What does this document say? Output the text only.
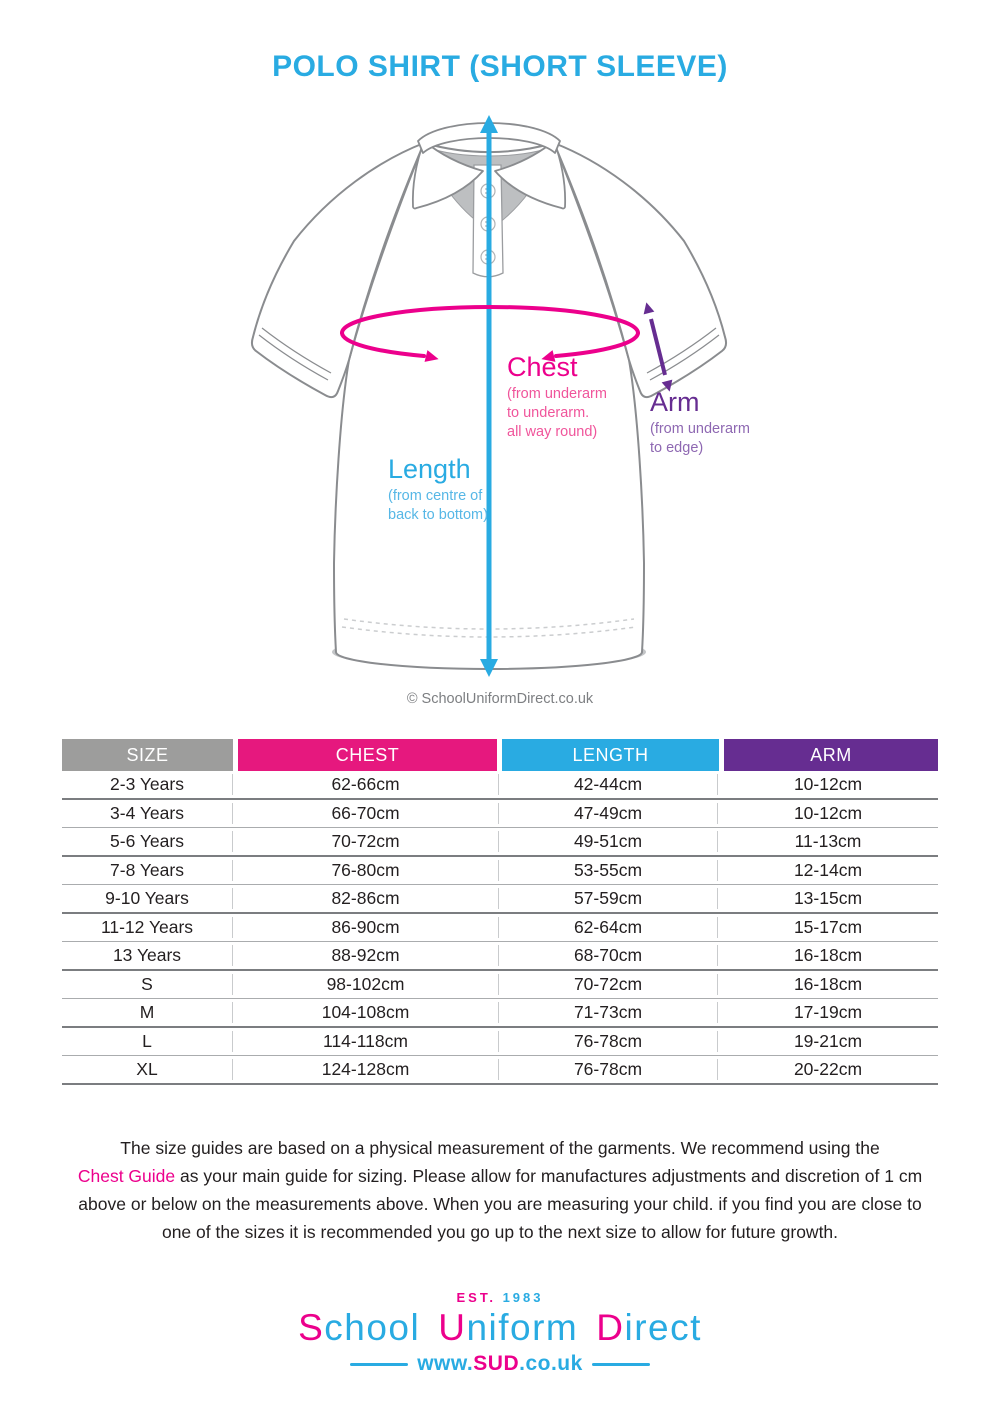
POLO SHIRT (SHORT SLEEVE)
Chest
(from underarm
to underarm.
all way round)
Arm
(from underarm
to edge)
Length
(from centre of
back to bottom)
© SchoolUniformDirect.co.uk
SIZE	CHEST	LENGTH	ARM
2-3 Years	62-66cm	42-44cm	10-12cm
3-4 Years	66-70cm	47-49cm	10-12cm
5-6 Years	70-72cm	49-51cm	11-13cm
7-8 Years	76-80cm	53-55cm	12-14cm
9-10 Years	82-86cm	57-59cm	13-15cm
11-12 Years	86-90cm	62-64cm	15-17cm
13 Years	88-92cm	68-70cm	16-18cm
S	98-102cm	70-72cm	16-18cm
M	104-108cm	71-73cm	17-19cm
L	114-118cm	76-78cm	19-21cm
XL	124-128cm	76-78cm	20-22cm
The size guides are based on a physical measurement of the garments. We recommend using the
Chest Guide as your main guide for sizing. Please allow for manufactures adjustments and discretion of 1 cm
above or below on the measurements above. When you are measuring your child. if you find you are close to
one of the sizes it is recommended you go up to the next size to allow for future growth.
EST. 1983
School Uniform Direct
www.SUD.co.uk
